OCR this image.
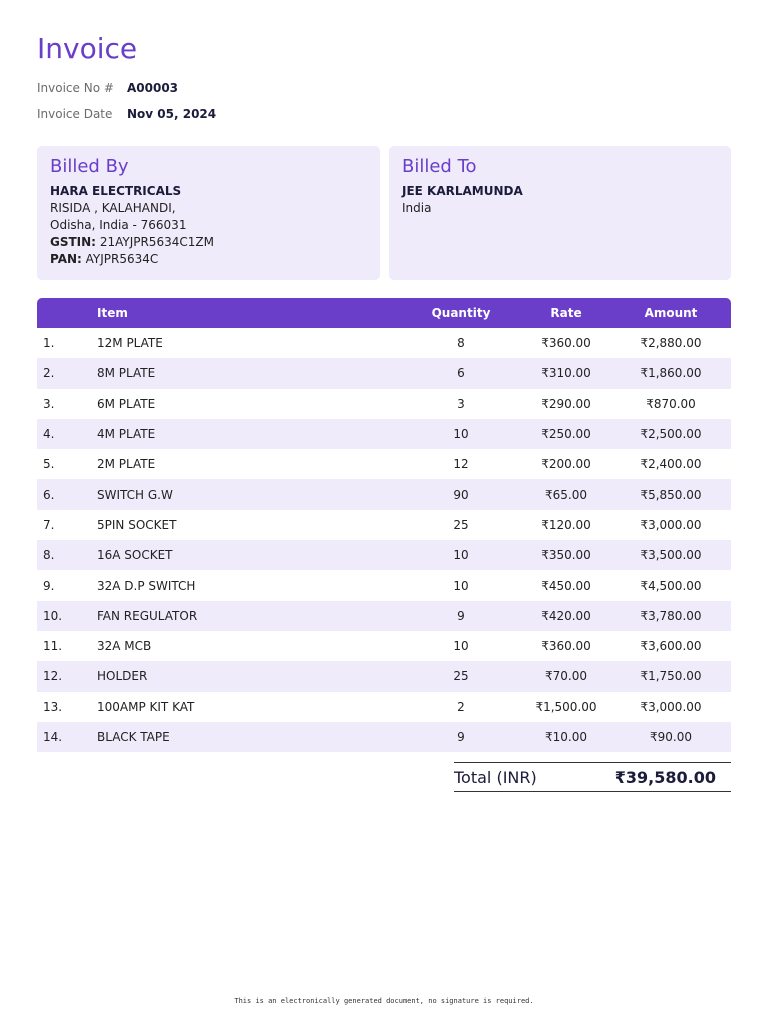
Invoice
Invoice No # A00003
Invoice Date Nov 05, 2024
Billed By
HARA ELECTRICALS
RISIDA , KALAHANDI,
Odisha, India - 766031
GSTIN: 21AYJPR5634C1ZM
PAN: AYJPR5634C
Billed To
JEE KARLAMUNDA
India
	Item	Quantity	Rate	Amount
1.	12M PLATE	8	₹360.00	₹2,880.00
2.	8M PLATE	6	₹310.00	₹1,860.00
3.	6M PLATE	3	₹290.00	₹870.00
4.	4M PLATE	10	₹250.00	₹2,500.00
5.	2M PLATE	12	₹200.00	₹2,400.00
6.	SWITCH G.W	90	₹65.00	₹5,850.00
7.	5PIN SOCKET	25	₹120.00	₹3,000.00
8.	16A SOCKET	10	₹350.00	₹3,500.00
9.	32A D.P SWITCH	10	₹450.00	₹4,500.00
10.	FAN REGULATOR	9	₹420.00	₹3,780.00
11.	32A MCB	10	₹360.00	₹3,600.00
12.	HOLDER	25	₹70.00	₹1,750.00
13.	100AMP KIT KAT	2	₹1,500.00	₹3,000.00
14.	BLACK TAPE	9	₹10.00	₹90.00
Total (INR)	₹39,580.00
This is an electronically generated document, no signature is required.
